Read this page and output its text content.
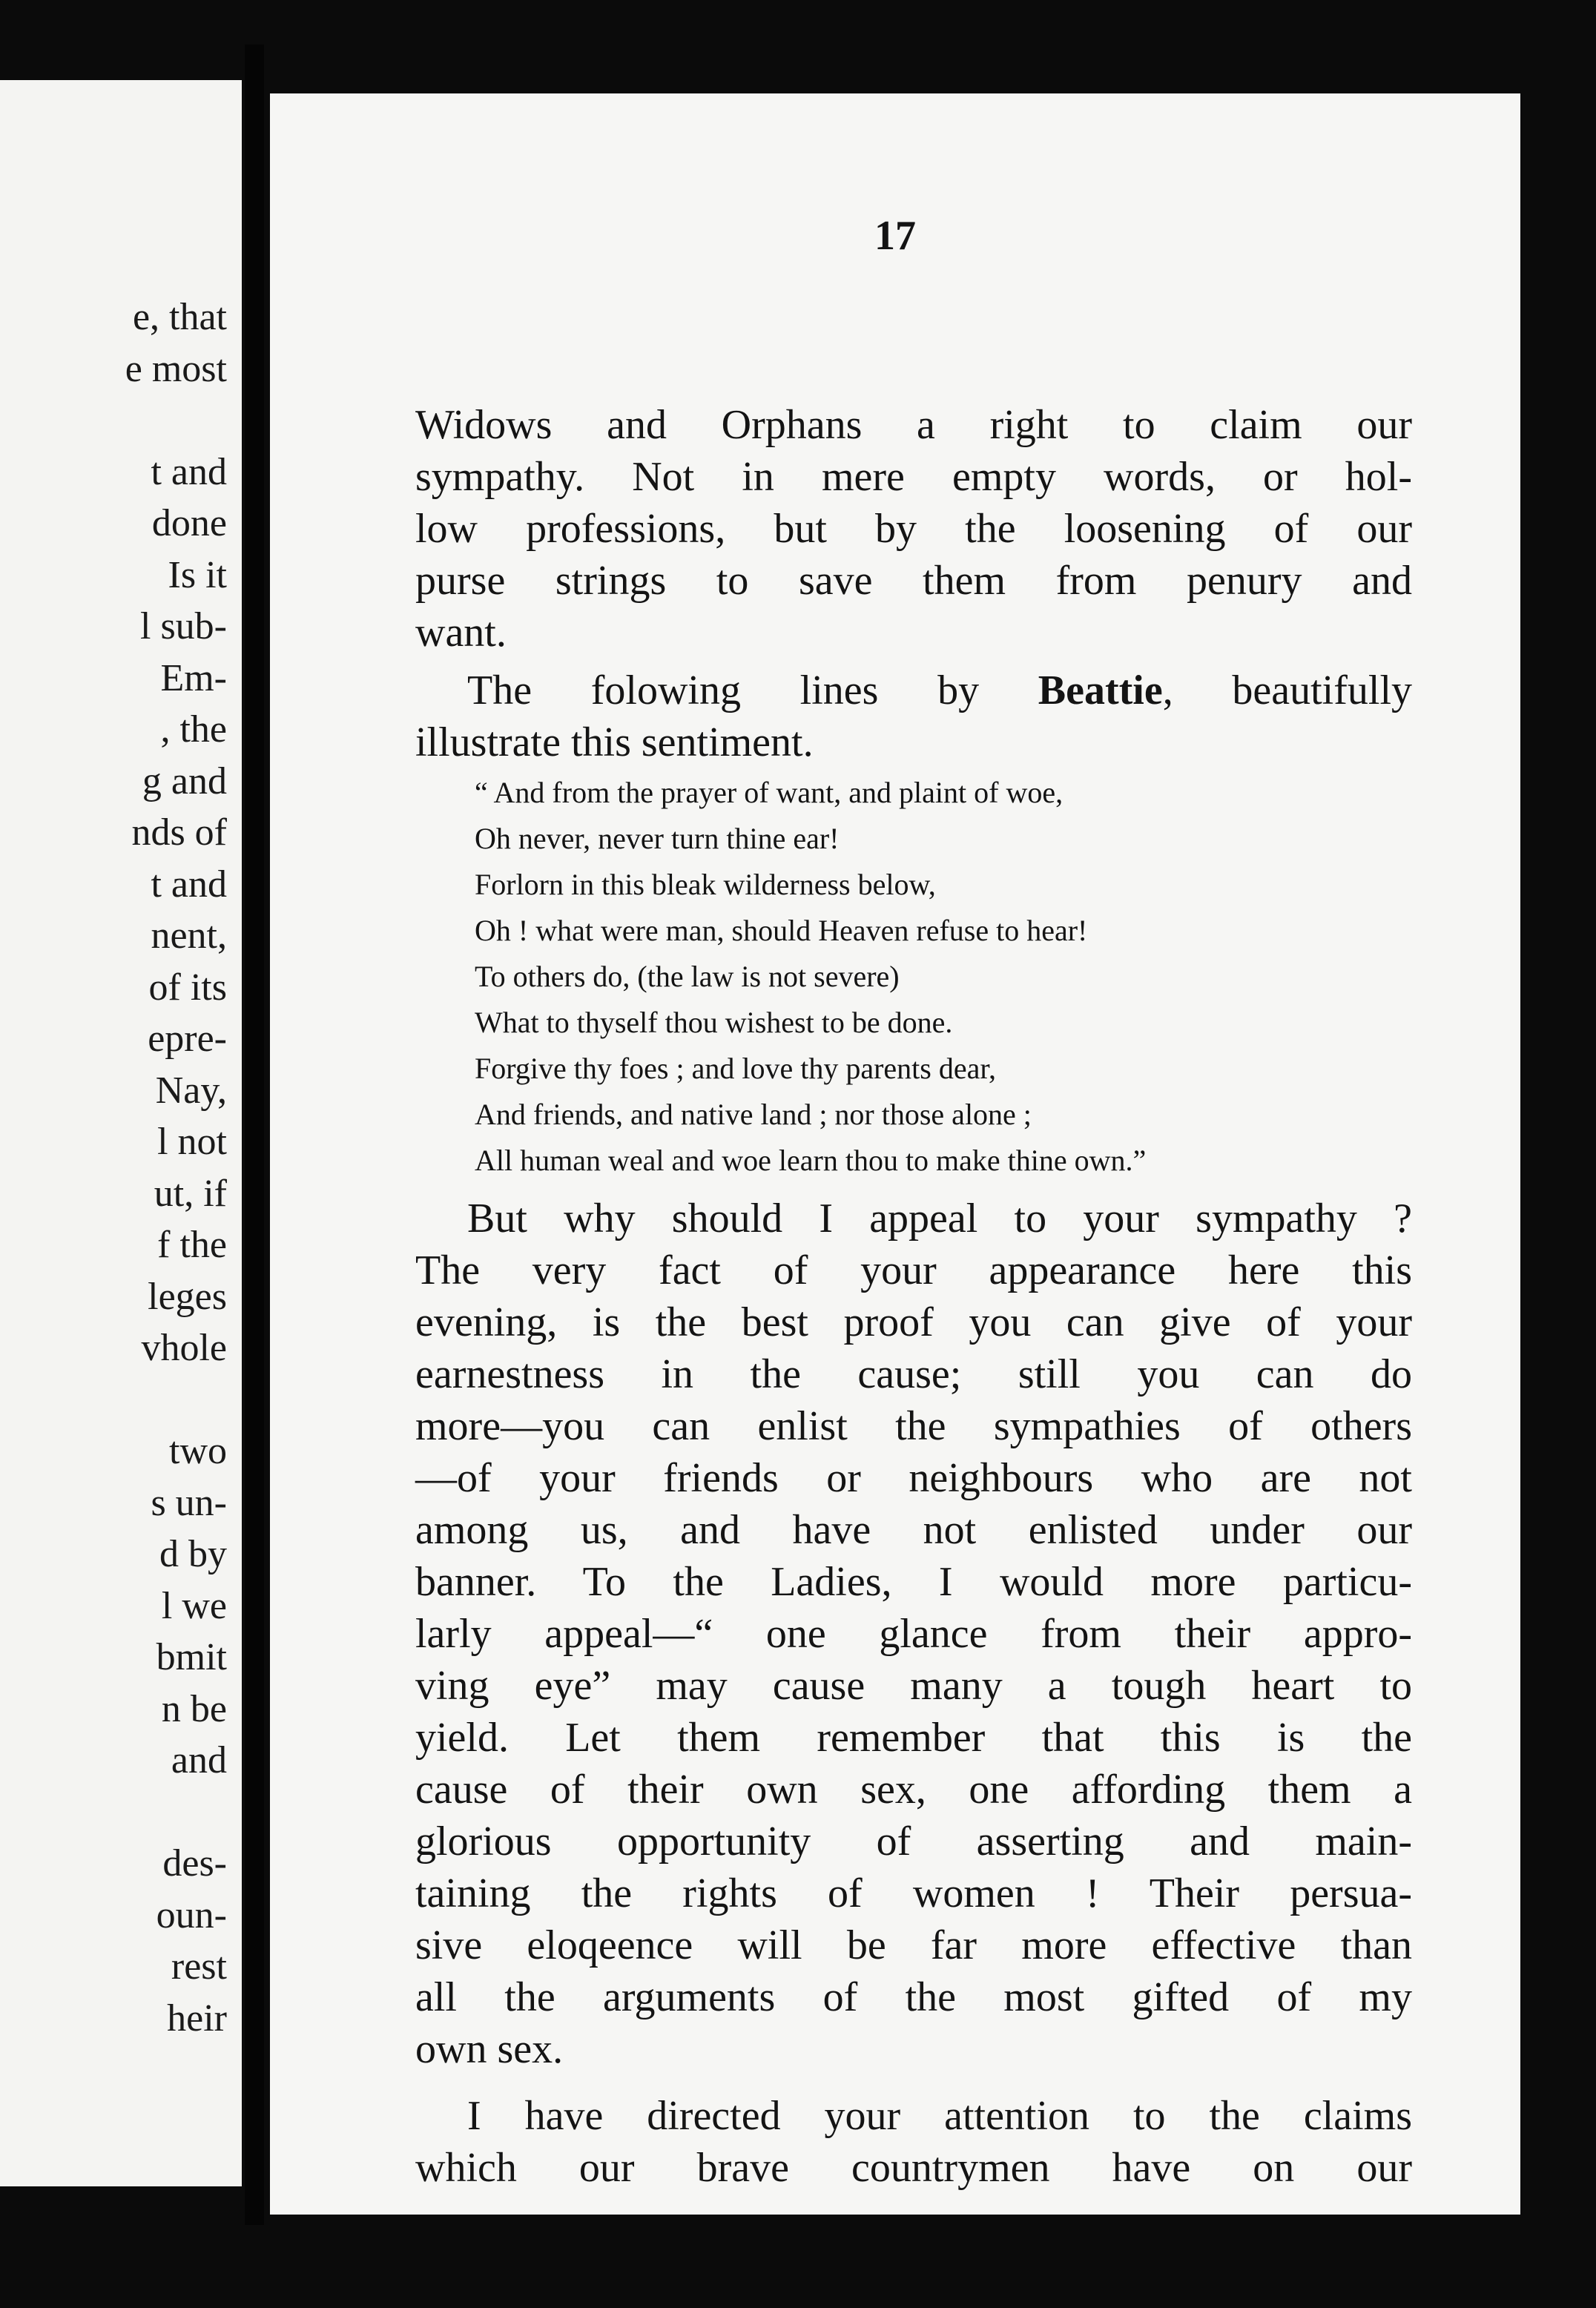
e, that
e most
t and
done
Is it
l sub-
Em-
, the
g and
nds of
t and
nent,
of its
epre-
Nay,
l not
ut, if
f the
leges
vhole
two
s un-
d by
l we
bmit
n be
and
des-
oun-
rest
heir
17

Widows and Orphans a right to claim our
sympathy. Not in mere empty words, or hol-
low professions, but by the loosening of our
purse strings to save them from penury and
want.

The folowing lines by Beattie, beautifully
illustrate this sentiment.

“ And from the prayer of want, and plaint of woe,
Oh never, never turn thine ear!
Forlorn in this bleak wilderness below,
Oh ! what were man, should Heaven refuse to hear!
To others do, (the law is not severe)
What to thyself thou wishest to be done.
Forgive thy foes ; and love thy parents dear,
And friends, and native land ; nor those alone ;
All human weal and woe learn thou to make thine own.”

But why should I appeal to your sympathy ?
The very fact of your appearance here this
evening, is the best proof you can give of your
earnestness in the cause; still you can do
more—you can enlist the sympathies of others
—of your friends or neighbours who are not
among us, and have not enlisted under our
banner. To the Ladies, I would more particu-
larly appeal—“ one glance from their appro-
ving eye” may cause many a tough heart to
yield. Let them remember that this is the
cause of their own sex, one affording them a
glorious opportunity of asserting and main-
taining the rights of women ! Their persua-
sive eloqeence will be far more effective than
all the arguments of the most gifted of my
own sex.

I have directed your attention to the claims
which our brave countrymen have on our
